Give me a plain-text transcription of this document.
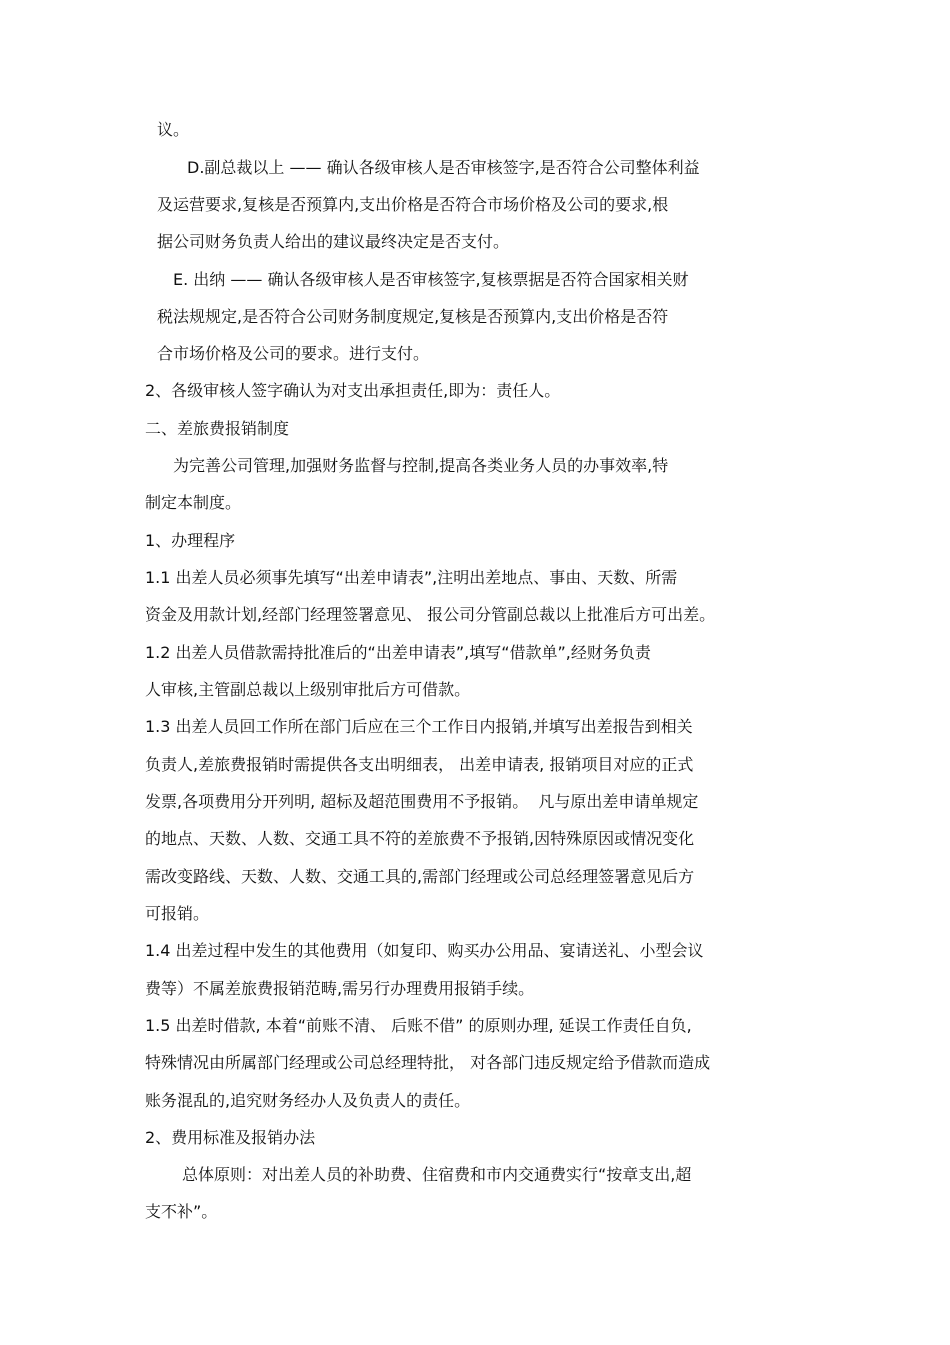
议。
D.副总裁以上 —— 确认各级审核人是否审核签字,是否符合公司整体利益
及运营要求,复核是否预算内,支出价格是否符合市场价格及公司的要求,根
据公司财务负责人给出的建议最终决定是否支付。
E. 出纳 —— 确认各级审核人是否审核签字,复核票据是否符合国家相关财
税法规规定,是否符合公司财务制度规定,复核是否预算内,支出价格是否符
合市场价格及公司的要求。进行支付。
2、各级审核人签字确认为对支出承担责任,即为：责任人。
二、差旅费报销制度
为完善公司管理,加强财务监督与控制,提高各类业务人员的办事效率,特
制定本制度。
1、办理程序
1.1 出差人员必须事先填写“出差申请表”,注明出差地点、事由、天数、所需
资金及用款计划,经部门经理签署意见、 报公司分管副总裁以上批准后方可出差。
1.2 出差人员借款需持批准后的“出差申请表”,填写“借款单”,经财务负责
人审核,主管副总裁以上级别审批后方可借款。
1.3 出差人员回工作所在部门后应在三个工作日内报销,并填写出差报告到相关
负责人,差旅费报销时需提供各支出明细表， 出差申请表, 报销项目对应的正式
发票,各项费用分开列明, 超标及超范围费用不予报销。  凡与原出差申请单规定
的地点、天数、人数、交通工具不符的差旅费不予报销,因特殊原因或情况变化
需改变路线、天数、人数、交通工具的,需部门经理或公司总经理签署意见后方
可报销。
1.4 出差过程中发生的其他费用（如复印、购买办公用品、宴请送礼、小型会议
费等）不属差旅费报销范畴,需另行办理费用报销手续。
1.5 出差时借款, 本着“前账不清、 后账不借” 的原则办理, 延误工作责任自负,
特殊情况由所属部门经理或公司总经理特批， 对各部门违反规定给予借款而造成
账务混乱的,追究财务经办人及负责人的责任。
2、费用标准及报销办法
总体原则：对出差人员的补助费、住宿费和市内交通费实行“按章支出,超
支不补”。
